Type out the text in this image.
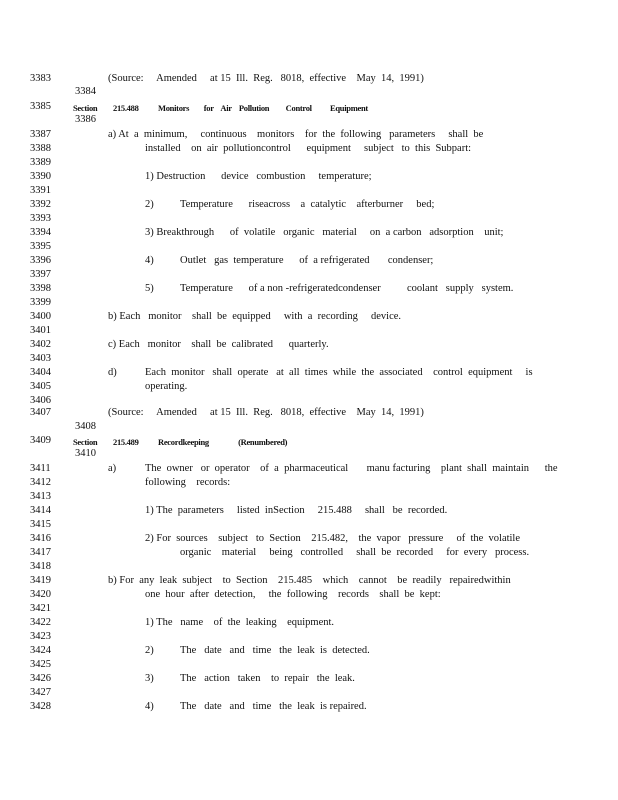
3383
3384
3385
3386
3387
3388
3389
3390
3391
3392
3393
3394
3395
3396
3397
3398
3399
3400
3401
3402
3403
3404
3405
3406
3407
3408
3409
3410
3411
3412
3413
3414
3415
3416
3417
3418
3419
3420
3421
3422
3423
3424
3425
3426
3427
3428
(Source:     Amended     at 15  Ill.  Reg.   8018,  effective    May  14,  1991)
Section 215.488 Monitors        for    Air    Pollution         Control          Equipment
a) At  a  minimum,     continuous    monitors    for  the  following   parameters     shall  be
installed    on  air  pollutioncontrol      equipment     subject   to  this  Subpart:
1) Destruction      device   combustion     temperature;
2)	Temperature      riseacross    a  catalytic    afterburner     bed;
3) Breakthrough      of  volatile   organic   material     on  a carbon   adsorption    unit;
4)	Outlet   gas  temperature      of  a refrigerated       condenser;
5)	Temperature      of a non -refrigeratedcondenser          coolant   supply   system.
b) Each   monitor    shall  be  equipped     with  a  recording     device.
c) Each   monitor    shall  be  calibrated      quarterly.
d)	Each  monitor   shall  operate   at  all  times  while  the  associated    control  equipment     is
operating.
(Source:     Amended     at 15  Ill.  Reg.   8018,  effective    May  14,  1991)
Section 215.489 Recordkeeping                (Renumbered)
a)	The  owner   or  operator    of  a  pharmaceutical       manu facturing    plant  shall  maintain      the
following    records:
1) The  parameters     listed  inSection     215.488     shall   be  recorded.
2) For  sources    subject   to  Section    215.482,    the  vapor   pressure     of  the  volatile
organic    material     being   controlled     shall  be  recorded     for  every   process.
b) For  any  leak  subject    to  Section    215.485    which    cannot    be  readily   repairedwithin
one  hour  after  detection,     the  following    records    shall  be  kept:
1) The   name    of  the  leaking    equipment.
2)	The   date   and   time   the  leak  is  detected.
3)	The   action   taken    to  repair   the  leak.
4)	The   date   and   time   the  leak  is repaired.
